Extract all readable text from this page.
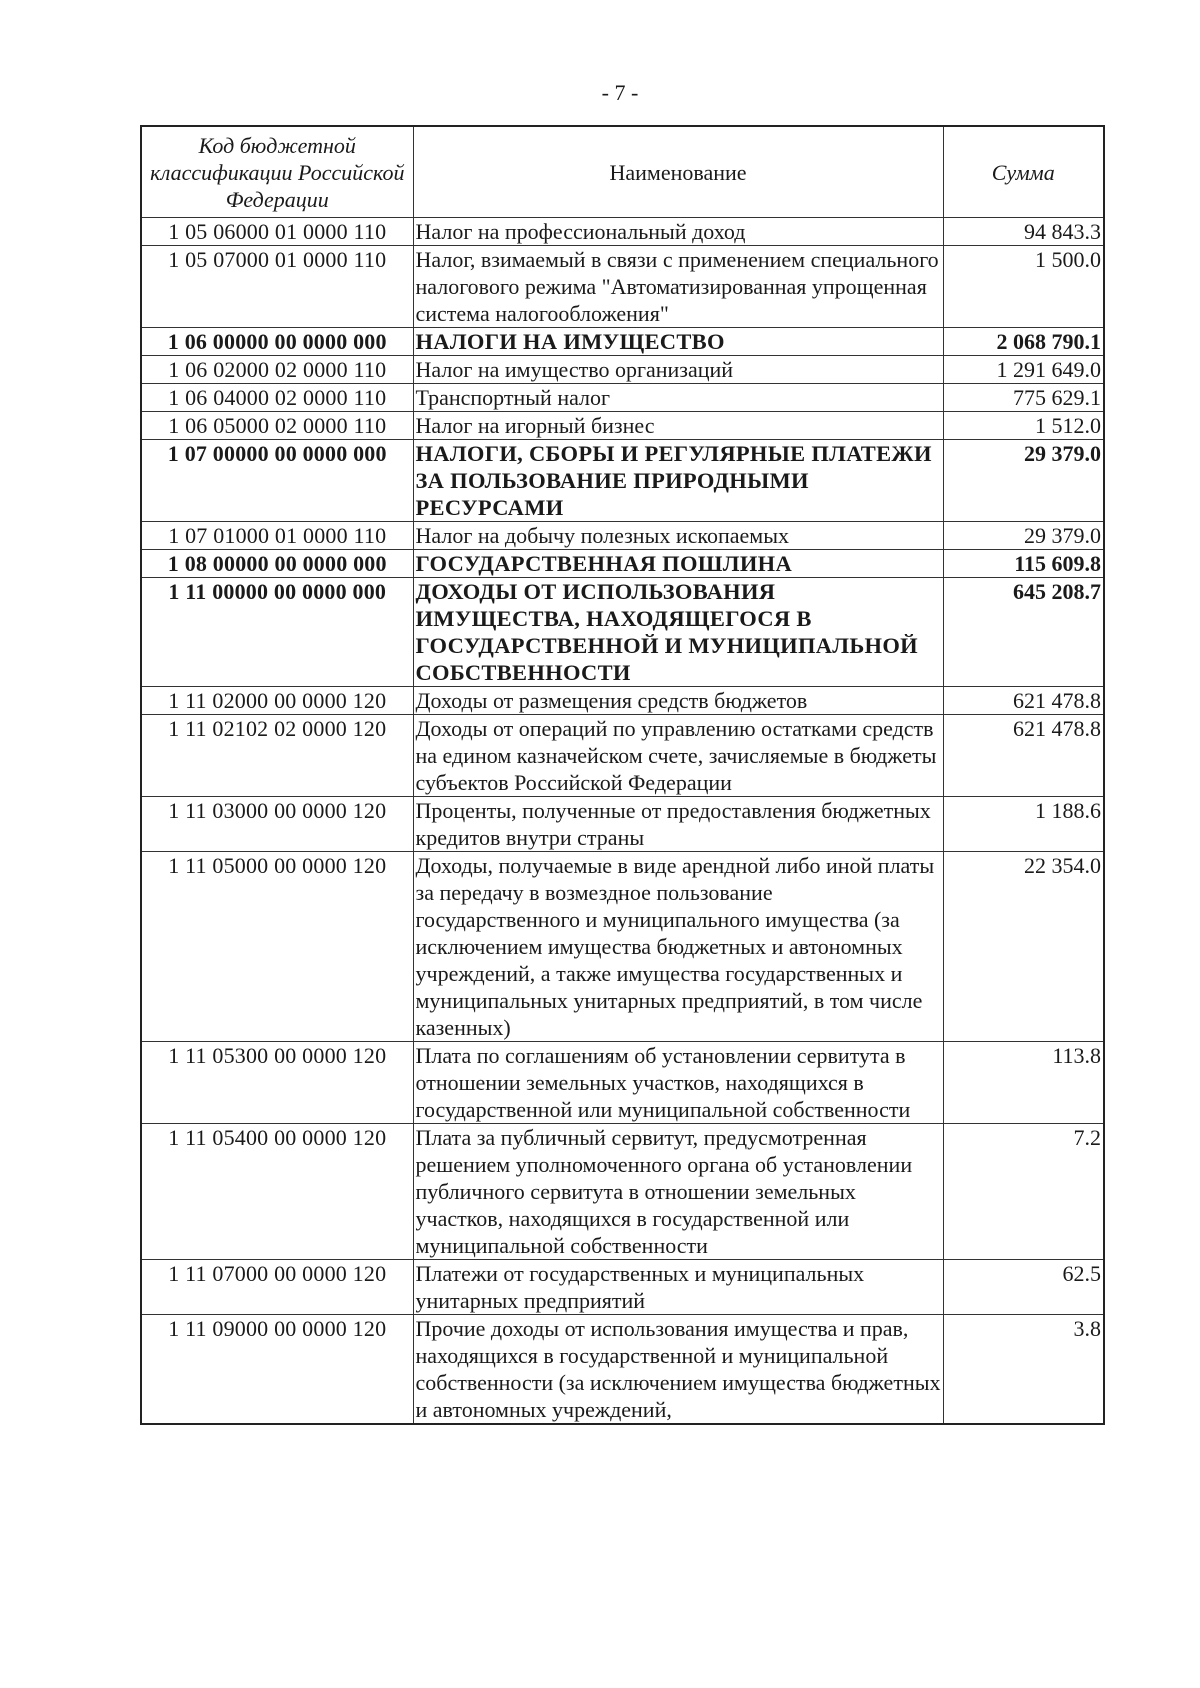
- 7 -
Код бюджетной классификации Российской Федерации	Наименование	Сумма
1 05 06000 01 0000 110	Налог на профессиональный доход	94 843.3
1 05 07000 01 0000 110	Налог, взимаемый в связи с применением специального налогового режима "Автоматизированная упрощенная система налогообложения"	1 500.0
1 06 00000 00 0000 000	НАЛОГИ НА ИМУЩЕСТВО	2 068 790.1
1 06 02000 02 0000 110	Налог на имущество организаций	1 291 649.0
1 06 04000 02 0000 110	Транспортный налог	775 629.1
1 06 05000 02 0000 110	Налог на игорный бизнес	1 512.0
1 07 00000 00 0000 000	НАЛОГИ, СБОРЫ И РЕГУЛЯРНЫЕ ПЛАТЕЖИ ЗА ПОЛЬЗОВАНИЕ ПРИРОДНЫМИ РЕСУРСАМИ	29 379.0
1 07 01000 01 0000 110	Налог на добычу полезных ископаемых	29 379.0
1 08 00000 00 0000 000	ГОСУДАРСТВЕННАЯ ПОШЛИНА	115 609.8
1 11 00000 00 0000 000	ДОХОДЫ ОТ ИСПОЛЬЗОВАНИЯ ИМУЩЕСТВА, НАХОДЯЩЕГОСЯ В ГОСУДАРСТВЕННОЙ И МУНИЦИПАЛЬНОЙ СОБСТВЕННОСТИ	645 208.7
1 11 02000 00 0000 120	Доходы от размещения средств бюджетов	621 478.8
1 11 02102 02 0000 120	Доходы от операций по управлению остатками средств на едином казначейском счете, зачисляемые в бюджеты субъектов Российской Федерации	621 478.8
1 11 03000 00 0000 120	Проценты, полученные от предоставления бюджетных кредитов внутри страны	1 188.6
1 11 05000 00 0000 120	Доходы, получаемые в виде арендной либо иной платы за передачу в возмездное пользование государственного и муниципального имущества (за исключением имущества бюджетных и автономных учреждений, а также имущества государственных и муниципальных унитарных предприятий, в том числе казенных)	22 354.0
1 11 05300 00 0000 120	Плата по соглашениям об установлении сервитута в отношении земельных участков, находящихся в государственной или муниципальной собственности	113.8
1 11 05400 00 0000 120	Плата за публичный сервитут, предусмотренная решением уполномоченного органа об установлении публичного сервитута в отношении земельных участков, находящихся в государственной или муниципальной собственности	7.2
1 11 07000 00 0000 120	Платежи от государственных и муниципальных унитарных предприятий	62.5
1 11 09000 00 0000 120	Прочие доходы от использования имущества и прав, находящихся в государственной и муниципальной собственности (за исключением имущества бюджетных и автономных учреждений,	3.8
